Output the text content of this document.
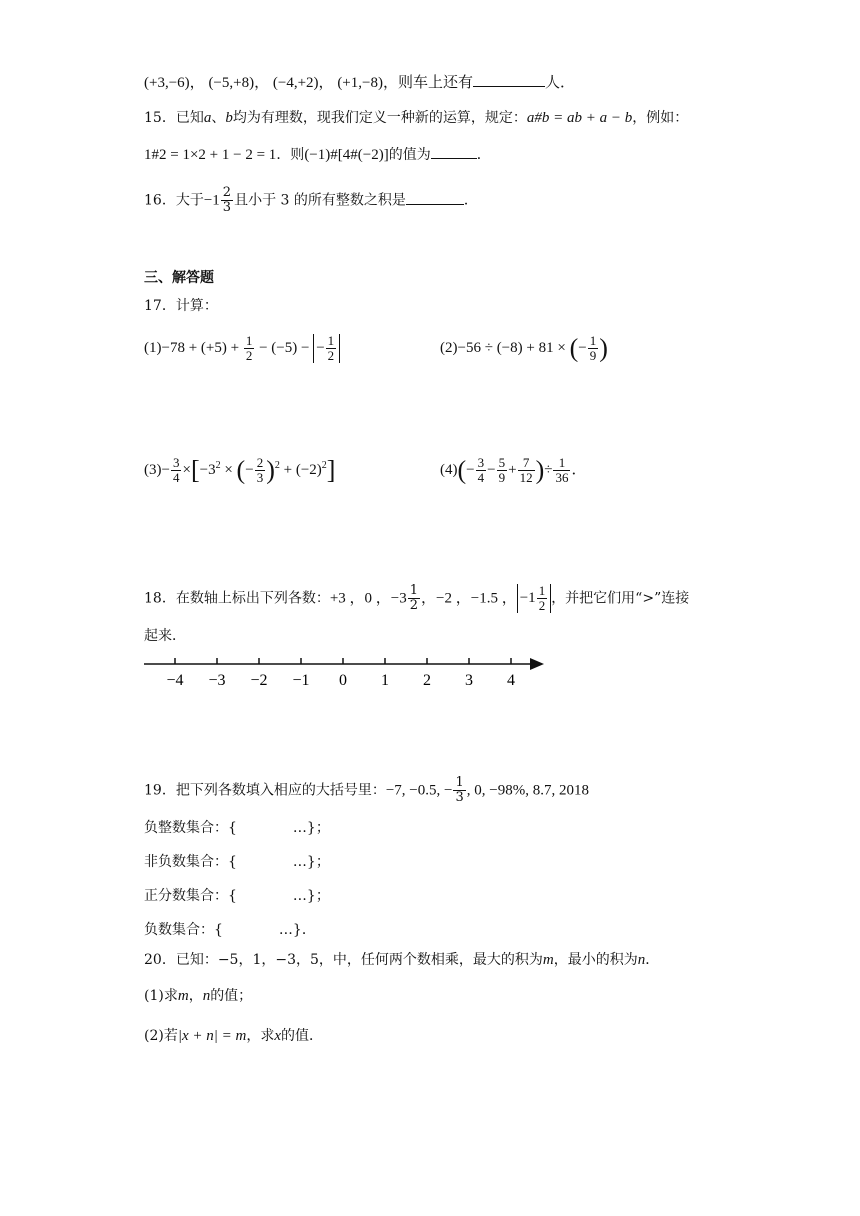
(+3,−6)， (−5,+8)， (−4,+2)， (+1,−8)，则车上还有	人．
15．已知a、b均为有理数，现我们定义一种新的运算，规定：a#b = ab + a − b，例如：
1#2 = 1×2 + 1 − 2 = 1．则(−1)#[4#(−2)]的值为	．
16．大于$-1 \frac{2}{3}$ 且小于 3 的所有整数之积是	．
三、解答题
17．计算：
$(1)-78 + (+5) + \frac{1}{2} - (-5)$ − − $\frac{1}{2}$	(2)−56 ÷ (−8) + 81 × (− $\frac{1}{9}$ )
$(3)- \frac{3}{4} \times[-3^2$ × (− $\frac{2}{3} )^2 + (-2)^2$]	$(4)(- \frac{3}{4} - \frac{5}{9} + \frac{7}{12}$ )÷ $\frac{1}{36}$ ．
18．在数轴上标出下列各数：+3 ，0 ，$-3 \frac{1}{2}$ ，−2 ，−1.5 ， $-1 \frac{1}{2}$ ，并把它们用“>”连接
起来．
−4 −3 −2 −1 0 1 2 3 4
19．把下列各数填入相应的大括号里：−7, −0.5, − $\frac{1}{3}$ , 0, −98%, 8.7, 2018
负整数集合：{　　　　…}；
非负数集合：{　　　　…}；
正分数集合：{　　　　…}；
负数集合：{　　　　…}．
20．已知：−5，1，−3，5，中，任何两个数相乘，最大的积为m，最小的积为n．
(1)求m，n的值；
(2)若|x + n| = m，求x的值．
